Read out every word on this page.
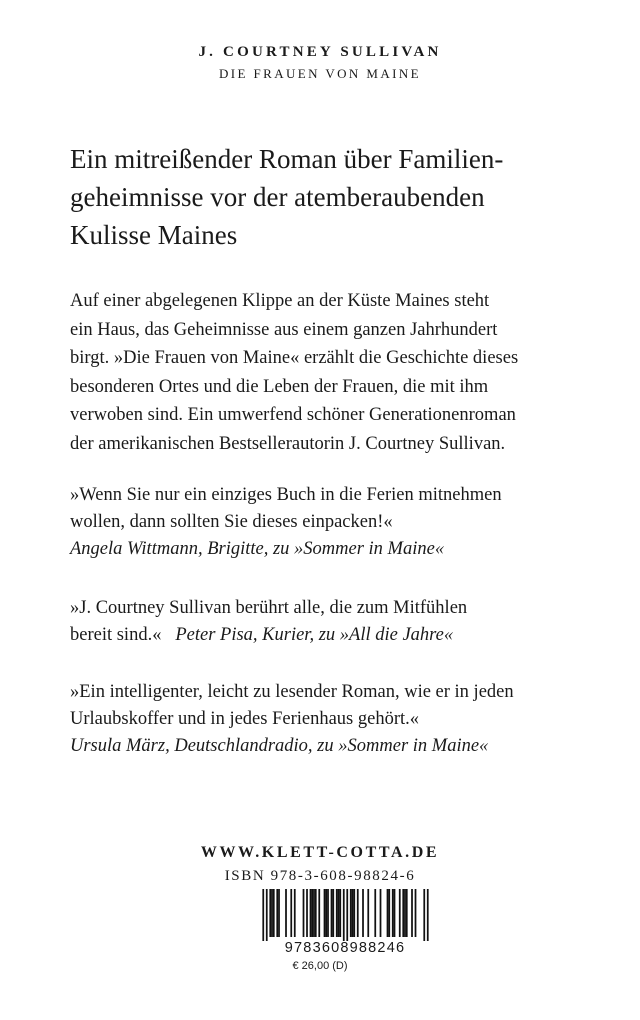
J. COURTNEY SULLIVAN

DIE FRAUEN VON MAINE

Ein mitreißender Roman über Familien-
geheimnisse vor der atemberaubenden
Kulisse Maines

Auf einer abgelegenen Klippe an der Küste Maines steht
ein Haus, das Geheimnisse aus einem ganzen Jahrhundert
birgt. »Die Frauen von Maine« erzählt die Geschichte dieses
besonderen Ortes und die Leben der Frauen, die mit ihm
verwoben sind. Ein umwerfend schöner Generationenroman
der amerikanischen Bestsellerautorin J. Courtney Sullivan.

»Wenn Sie nur ein einziges Buch in die Ferien mitnehmen
wollen, dann sollten Sie dieses einpacken!«
Angela Wittmann, Brigitte, zu »Sommer in Maine«

»J. Courtney Sullivan berührt alle, die zum Mitfühlen
bereit sind.« Peter Pisa, Kurier, zu »All die Jahre«

»Ein intelligenter, leicht zu lesender Roman, wie er in jeden
Urlaubskoffer und in jedes Ferienhaus gehört.«
Ursula März, Deutschlandradio, zu »Sommer in Maine«

WWW.KLETT-COTTA.DE
ISBN 978-3-608-98824-6
9783608988246
€ 26,00 (D)
